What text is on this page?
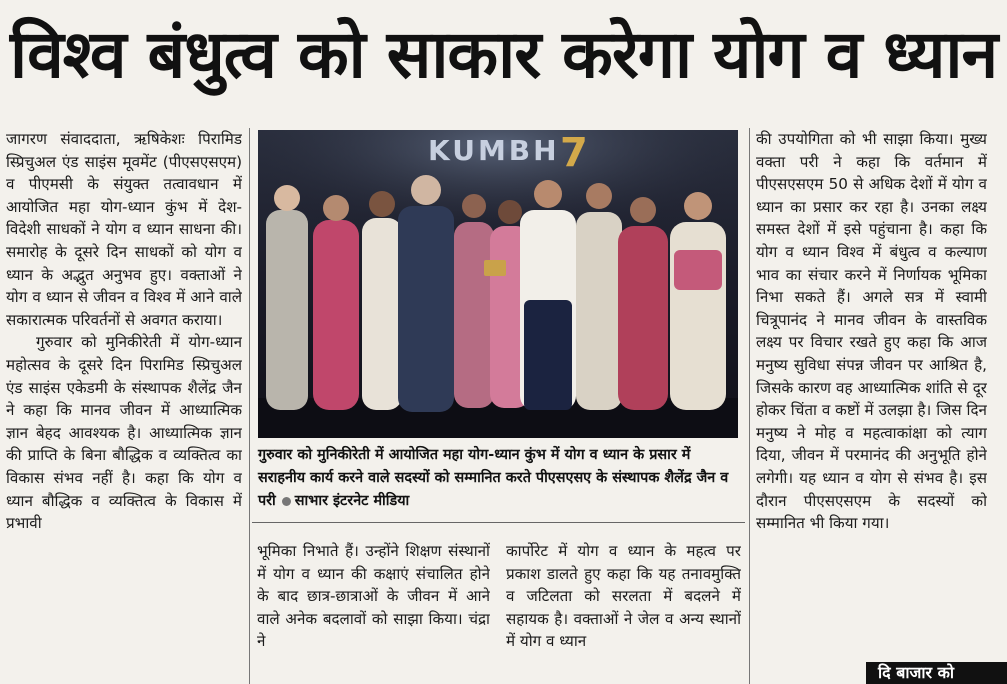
विश्व बंधुत्व को साकार करेगा योग व ध्यान

जागरण संवाददाता, ऋषिकेशः पिरामिड स्प्रिचुअल एंड साइंस मूवमेंट (पीएसएसएम) व पीएमसी के संयुक्त तत्वावधान में आयोजित महा योग-ध्यान कुंभ में देश-विदेशी साधकों ने योग व ध्यान साधना की। समारोह के दूसरे दिन साधकों को योग व ध्यान के अद्भुत अनुभव हुए। वक्ताओं ने योग व ध्यान से जीवन व विश्व में आने वाले सकारात्मक परिवर्तनों से अवगत कराया।

गुरुवार को मुनिकीरेती में योग-ध्यान महोत्सव के दूसरे दिन पिरामिड स्प्रिचुअल एंड साइंस एकेडमी के संस्थापक शैलेंद्र जैन ने कहा कि मानव जीवन में आध्यात्मिक ज्ञान बेहद आवश्यक है। आध्यात्मिक ज्ञान की प्राप्ति के बिना बौद्धिक व व्यक्तित्व का विकास संभव नहीं है। कहा कि योग व ध्यान बौद्धिक व व्यक्तित्व के विकास में प्रभावी

KUMBH 7

गुरुवार को मुनिकीरेती में आयोजित महा योग-ध्यान कुंभ में योग व ध्यान के प्रसार में सराहनीय कार्य करने वाले सदस्यों को सम्मानित करते पीएसएसए के संस्थापक शैलेंद्र जैन व परी साभार इंटरनेट मीडिया

भूमिका निभाते हैं। उन्होंने शिक्षण संस्थानों में योग व ध्यान की कक्षाएं संचालित होने के बाद छात्र-छात्राओं के जीवन में आने वाले अनेक बदलावों को साझा किया। चंद्रा ने

कार्पोरेट में योग व ध्यान के महत्व पर प्रकाश डालते हुए कहा कि यह तनावमुक्ति व जटिलता को सरलता में बदलने में सहायक है। वक्ताओं ने जेल व अन्य स्थानों में योग व ध्यान

की उपयोगिता को भी साझा किया। मुख्य वक्ता परी ने कहा कि वर्तमान में पीएसएसएम 50 से अधिक देशों में योग व ध्यान का प्रसार कर रहा है। उनका लक्ष्य समस्त देशों में इसे पहुंचाना है। कहा कि योग व ध्यान विश्व में बंधुत्व व कल्याण भाव का संचार करने में निर्णायक भूमिका निभा सकते हैं। अगले सत्र में स्वामी चित्रूपानंद ने मानव जीवन के वास्तविक लक्ष्य पर विचार रखते हुए कहा कि आज मनुष्य सुविधा संपन्न जीवन पर आश्रित है, जिसके कारण वह आध्यात्मिक शांति से दूर होकर चिंता व कष्टों में उलझा है। जिस दिन मनुष्य ने मोह व महत्वाकांक्षा को त्याग दिया, जीवन में परमानंद की अनुभूति होने लगेगी। यह ध्यान व योग से संभव है। इस दौरान पीएसएसएम के सदस्यों को सम्मानित भी किया गया।

दि बाजार को
